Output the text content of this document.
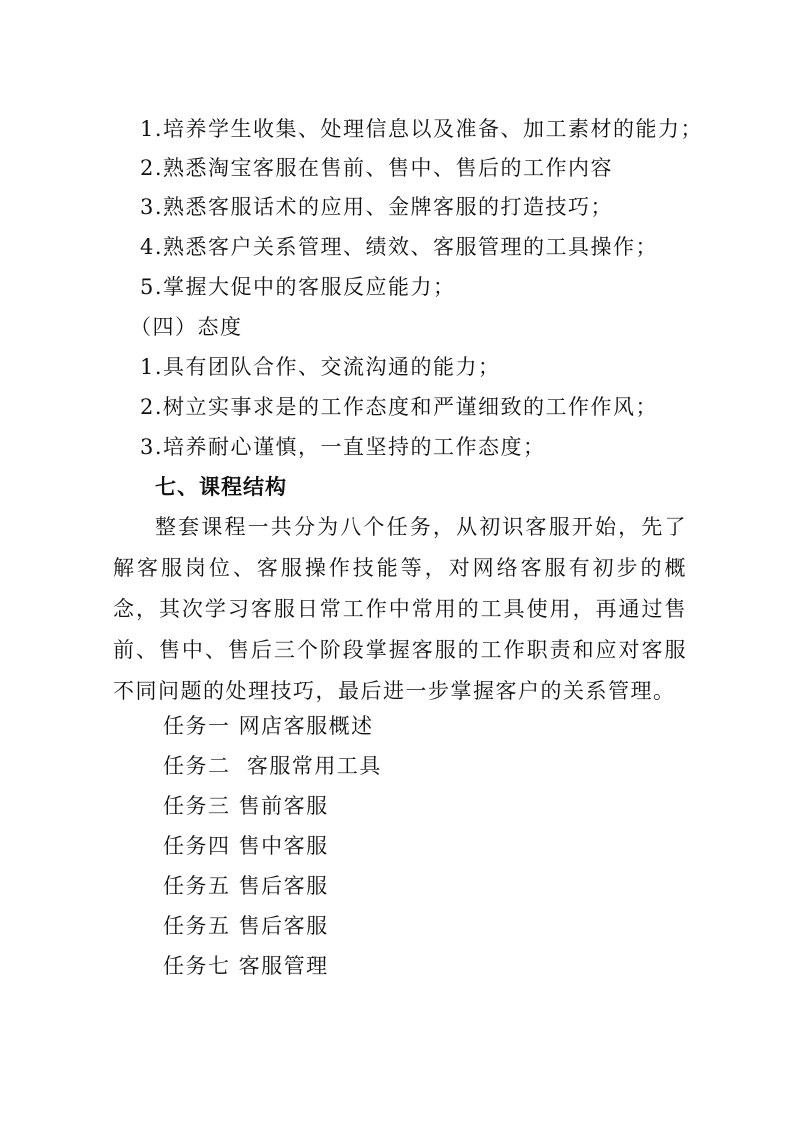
1.培养学生收集、处理信息以及准备、加工素材的能力；
2.熟悉淘宝客服在售前、售中、售后的工作内容
3.熟悉客服话术的应用、金牌客服的打造技巧；
4.熟悉客户关系管理、绩效、客服管理的工具操作；
5.掌握大促中的客服反应能力；
（四）态度
1.具有团队合作、交流沟通的能力；
2.树立实事求是的工作态度和严谨细致的工作作风；
3.培养耐心谨慎，一直坚持的工作态度；
七、课程结构
整套课程一共分为八个任务，从初识客服开始，先了解客服岗位、客服操作技能等，对网络客服有初步的概念，其次学习客服日常工作中常用的工具使用，再通过售前、售中、售后三个阶段掌握客服的工作职责和应对客服不同问题的处理技巧，最后进一步掌握客户的关系管理。
任务一 网店客服概述
任务二  客服常用工具
任务三 售前客服
任务四 售中客服
任务五 售后客服
任务五 售后客服
任务七 客服管理
